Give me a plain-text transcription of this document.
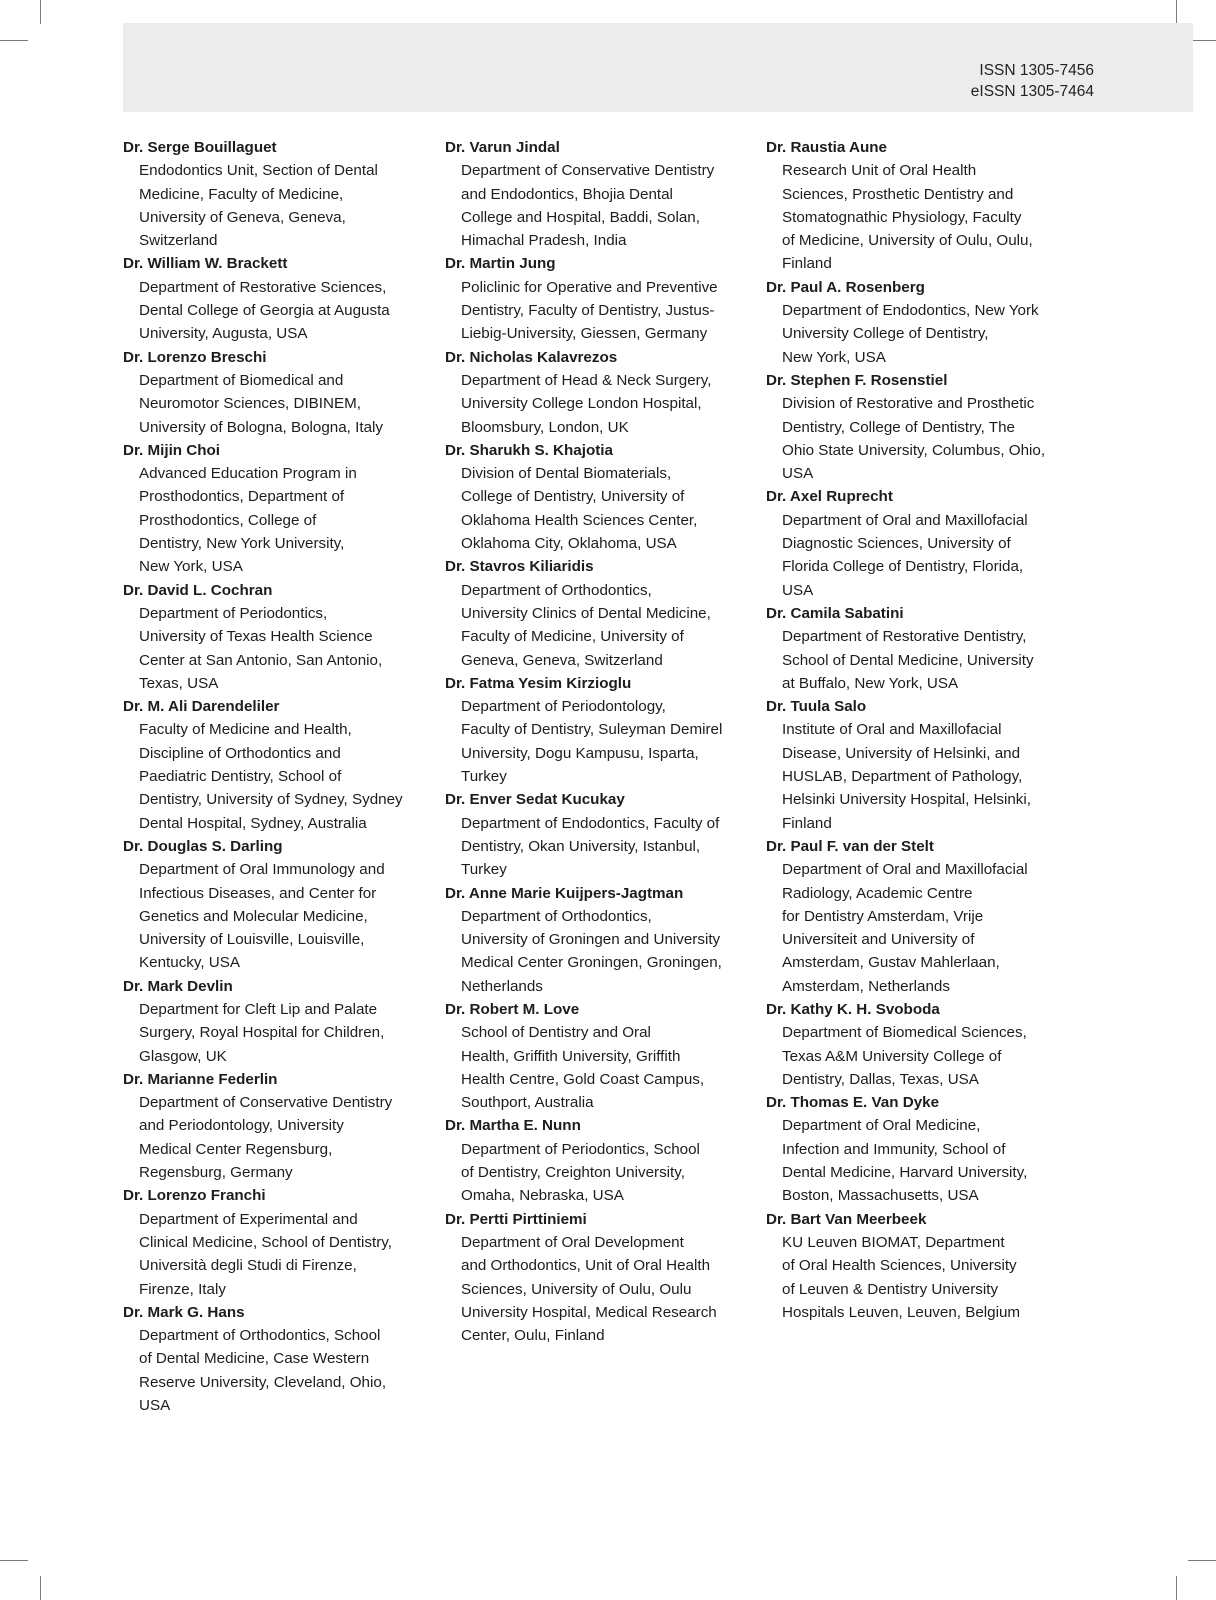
ISSN 1305-7456
eISSN 1305-7464
Dr. Serge Bouillaguet
Endodontics Unit, Section of Dental
Medicine, Faculty of Medicine,
University of Geneva, Geneva,
Switzerland
Dr. William W. Brackett
Department of Restorative Sciences,
Dental College of Georgia at Augusta
University, Augusta, USA
Dr. Lorenzo Breschi
Department of Biomedical and
Neuromotor Sciences, DIBINEM,
University of Bologna, Bologna, Italy
Dr. Mijin Choi
Advanced Education Program in
Prosthodontics, Department of
Prosthodontics, College of
Dentistry, New York University,
New York, USA
Dr. David L. Cochran
Department of Periodontics,
University of Texas Health Science
Center at San Antonio, San Antonio,
Texas, USA
Dr. M. Ali Darendeliler
Faculty of Medicine and Health,
Discipline of Orthodontics and
Paediatric Dentistry, School of
Dentistry, University of Sydney, Sydney
Dental Hospital, Sydney, Australia
Dr. Douglas S. Darling
Department of Oral Immunology and
Infectious Diseases, and Center for
Genetics and Molecular Medicine,
University of Louisville, Louisville,
Kentucky, USA
Dr. Mark Devlin
Department for Cleft Lip and Palate
Surgery, Royal Hospital for Children,
Glasgow, UK
Dr. Marianne Federlin
Department of Conservative Dentistry
and Periodontology, University
Medical Center Regensburg,
Regensburg, Germany
Dr. Lorenzo Franchi
Department of Experimental and
Clinical Medicine, School of Dentistry,
Università degli Studi di Firenze,
Firenze, Italy
Dr. Mark G. Hans
Department of Orthodontics, School
of Dental Medicine, Case Western
Reserve University, Cleveland, Ohio,
USA
Dr. Varun Jindal
Department of Conservative Dentistry
and Endodontics, Bhojia Dental
College and Hospital, Baddi, Solan,
Himachal Pradesh, India
Dr. Martin Jung
Policlinic for Operative and Preventive
Dentistry, Faculty of Dentistry, Justus-
Liebig-University, Giessen, Germany
Dr. Nicholas Kalavrezos
Department of Head & Neck Surgery,
University College London Hospital,
Bloomsbury, London, UK
Dr. Sharukh S. Khajotia
Division of Dental Biomaterials,
College of Dentistry, University of
Oklahoma Health Sciences Center,
Oklahoma City, Oklahoma, USA
Dr. Stavros Kiliaridis
Department of Orthodontics,
University Clinics of Dental Medicine,
Faculty of Medicine, University of
Geneva, Geneva, Switzerland
Dr. Fatma Yesim Kirzioglu
Department of Periodontology,
Faculty of Dentistry, Suleyman Demirel
University, Dogu Kampusu, Isparta,
Turkey
Dr. Enver Sedat Kucukay
Department of Endodontics, Faculty of
Dentistry, Okan University, Istanbul,
Turkey
Dr. Anne Marie Kuijpers-Jagtman
Department of Orthodontics,
University of Groningen and University
Medical Center Groningen, Groningen,
Netherlands
Dr. Robert M. Love
School of Dentistry and Oral
Health, Griffith University, Griffith
Health Centre, Gold Coast Campus,
Southport, Australia
Dr. Martha E. Nunn
Department of Periodontics, School
of Dentistry, Creighton University,
Omaha, Nebraska, USA
Dr. Pertti Pirttiniemi
Department of Oral Development
and Orthodontics, Unit of Oral Health
Sciences, University of Oulu, Oulu
University Hospital, Medical Research
Center, Oulu, Finland
Dr. Raustia Aune
Research Unit of Oral Health
Sciences, Prosthetic Dentistry and
Stomatognathic Physiology, Faculty
of Medicine, University of Oulu, Oulu,
Finland
Dr. Paul A. Rosenberg
Department of Endodontics, New York
University College of Dentistry,
New York, USA
Dr. Stephen F. Rosenstiel
Division of Restorative and Prosthetic
Dentistry, College of Dentistry, The
Ohio State University, Columbus, Ohio,
USA
Dr. Axel Ruprecht
Department of Oral and Maxillofacial
Diagnostic Sciences, University of
Florida College of Dentistry, Florida,
USA
Dr. Camila Sabatini
Department of Restorative Dentistry,
School of Dental Medicine, University
at Buffalo, New York, USA
Dr. Tuula Salo
Institute of Oral and Maxillofacial
Disease, University of Helsinki, and
HUSLAB, Department of Pathology,
Helsinki University Hospital, Helsinki,
Finland
Dr. Paul F. van der Stelt
Department of Oral and Maxillofacial
Radiology, Academic Centre
for Dentistry Amsterdam, Vrije
Universiteit and University of
Amsterdam, Gustav Mahlerlaan,
Amsterdam, Netherlands
Dr. Kathy K. H. Svoboda
Department of Biomedical Sciences,
Texas A&M University College of
Dentistry, Dallas, Texas, USA
Dr. Thomas E. Van Dyke
Department of Oral Medicine,
Infection and Immunity, School of
Dental Medicine, Harvard University,
Boston, Massachusetts, USA
Dr. Bart Van Meerbeek
KU Leuven BIOMAT, Department
of Oral Health Sciences, University
of Leuven & Dentistry University
Hospitals Leuven, Leuven, Belgium
